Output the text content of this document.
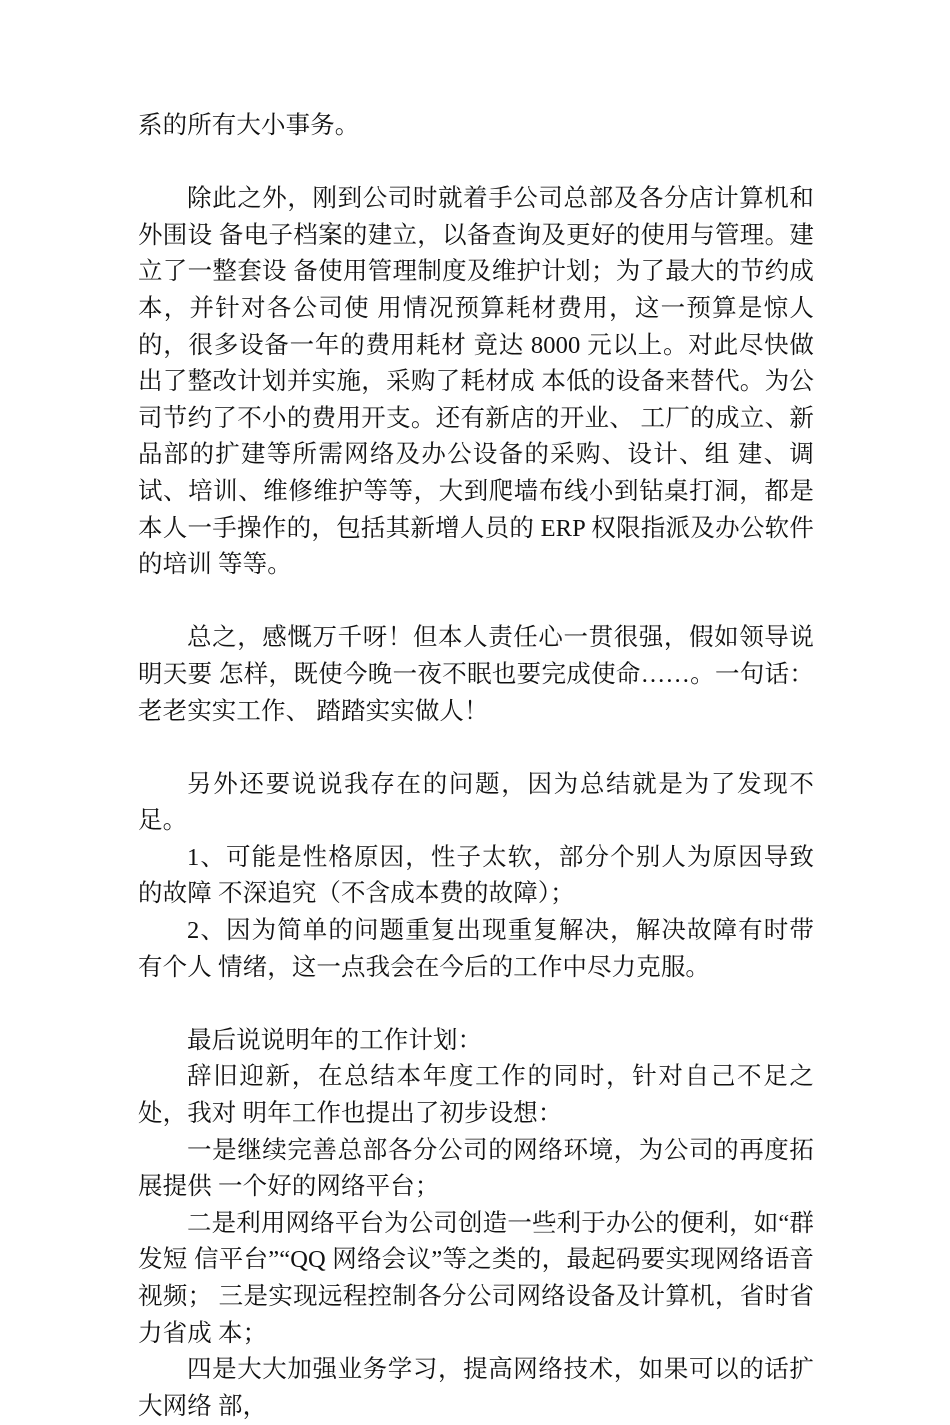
系的所有大小事务。

除此之外，刚到公司时就着手公司总部及各分店计算机和外围设 备电子档案的建立，以备查询及更好的使用与管理。建立了一整套设 备使用管理制度及维护计划；为了最大的节约成本，并针对各公司使 用情况预算耗材费用，这一预算是惊人的，很多设备一年的费用耗材 竟达 8000 元以上。对此尽快做出了整改计划并实施，采购了耗材成 本低的设备来替代。为公司节约了不小的费用开支。还有新店的开业、 工厂的成立、新品部的扩建等所需网络及办公设备的采购、设计、组 建、调试、培训、维修维护等等，大到爬墙布线小到钻桌打洞，都是 本人一手操作的，包括其新增人员的 ERP 权限指派及办公软件的培训 等等。

总之，感慨万千呀！但本人责任心一贯很强，假如领导说明天要 怎样，既使今晚一夜不眠也要完成使命……。一句话：老老实实工作、 踏踏实实做人！

另外还要说说我存在的问题，因为总结就是为了发现不足。

1、可能是性格原因，性子太软，部分个别人为原因导致的故障 不深追究（不含成本费的故障）；

2、因为简单的问题重复出现重复解决，解决故障有时带有个人 情绪，这一点我会在今后的工作中尽力克服。

最后说说明年的工作计划：

辞旧迎新，在总结本年度工作的同时，针对自己不足之处，我对 明年工作也提出了初步设想：

一是继续完善总部各分公司的网络环境，为公司的再度拓展提供 一个好的网络平台；

二是利用网络平台为公司创造一些利于办公的便利，如“群发短 信平台”“QQ 网络会议”等之类的，最起码要实现网络语音视频； 三是实现远程控制各分公司网络设备及计算机，省时省力省成 本；

四是大大加强业务学习，提高网络技术，如果可以的话扩大网络 部，
